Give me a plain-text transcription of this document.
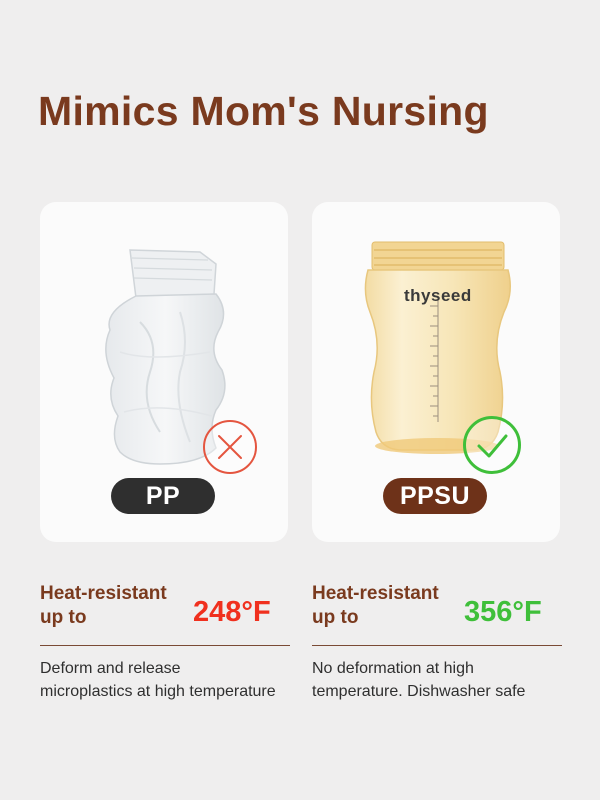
Mimics Mom's Nursing
PP
thyseed
PPSU
Heat-resistant
up to	248°F
Deform and release
microplastics at high temperature
Heat-resistant
up to	356°F
No deformation at high
temperature. Dishwasher safe
